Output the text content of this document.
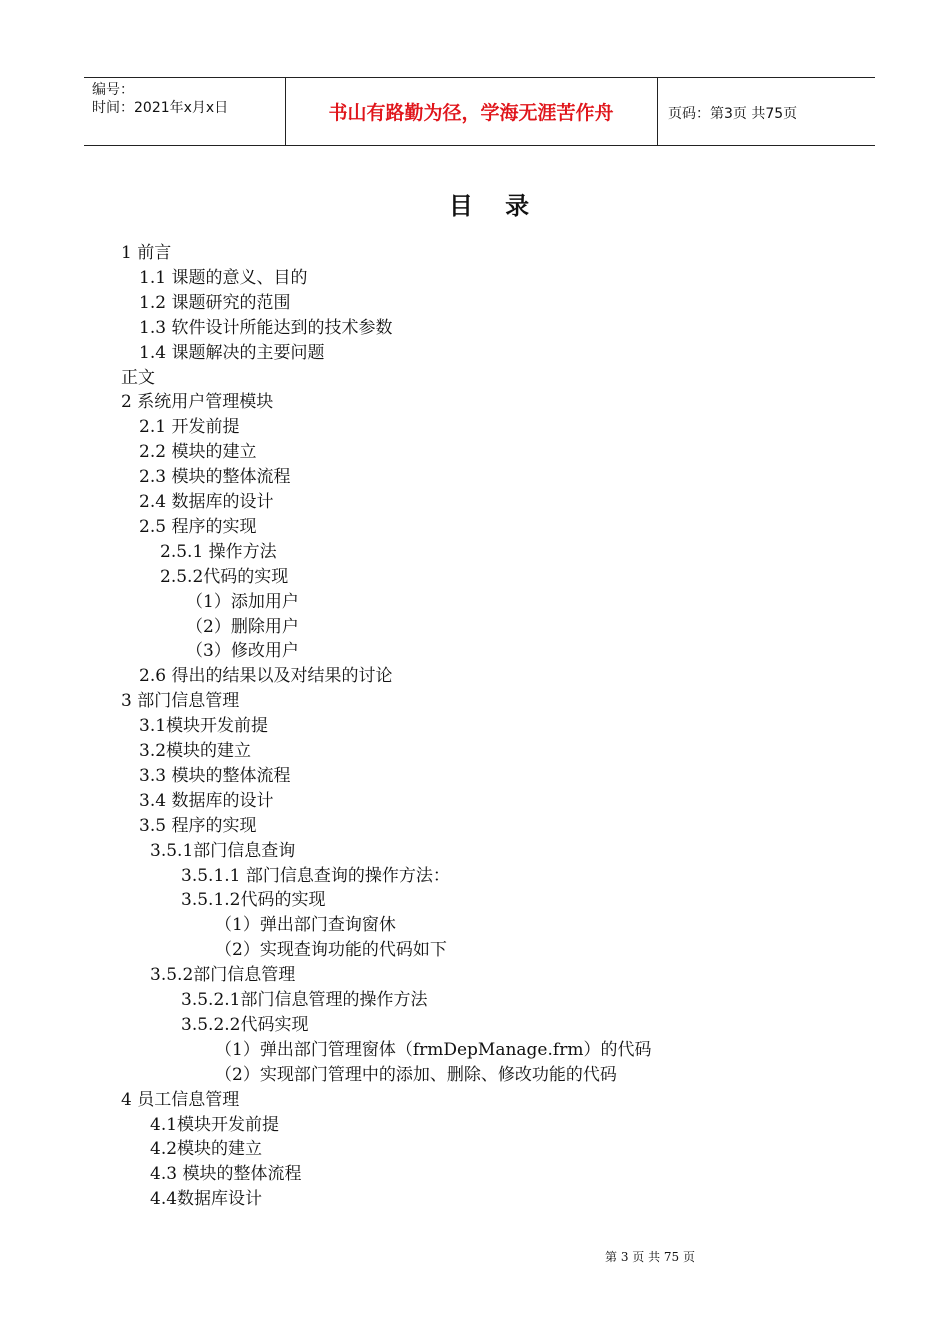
编号：
时间：2021年x月x日	书山有路勤为径，学海无涯苦作舟	页码：第3页 共75页
目 录
1 前言
1.1 课题的意义、目的
1.2 课题研究的范围
1.3 软件设计所能达到的技术参数
1.4 课题解决的主要问题
正文
2 系统用户管理模块
2.1 开发前提
2.2 模块的建立
2.3 模块的整体流程
2.4 数据库的设计
2.5 程序的实现
2.5.1 操作方法
2.5.2代码的实现
（1）添加用户
（2）删除用户
（3）修改用户
2.6 得出的结果以及对结果的讨论
3 部门信息管理
3.1模块开发前提
3.2模块的建立
3.3 模块的整体流程
3.4 数据库的设计
3.5 程序的实现
3.5.1部门信息查询
3.5.1.1 部门信息查询的操作方法：
3.5.1.2代码的实现
（1）弹出部门查询窗休
（2）实现查询功能的代码如下
3.5.2部门信息管理
3.5.2.1部门信息管理的操作方法
3.5.2.2代码实现
（1）弹出部门管理窗体（frmDepManage.frm）的代码
（2）实现部门管理中的添加、删除、修改功能的代码
4 员工信息管理
4.1模块开发前提
4.2模块的建立
4.3 模块的整体流程
4.4数据库设计
第 3 页 共 75 页
